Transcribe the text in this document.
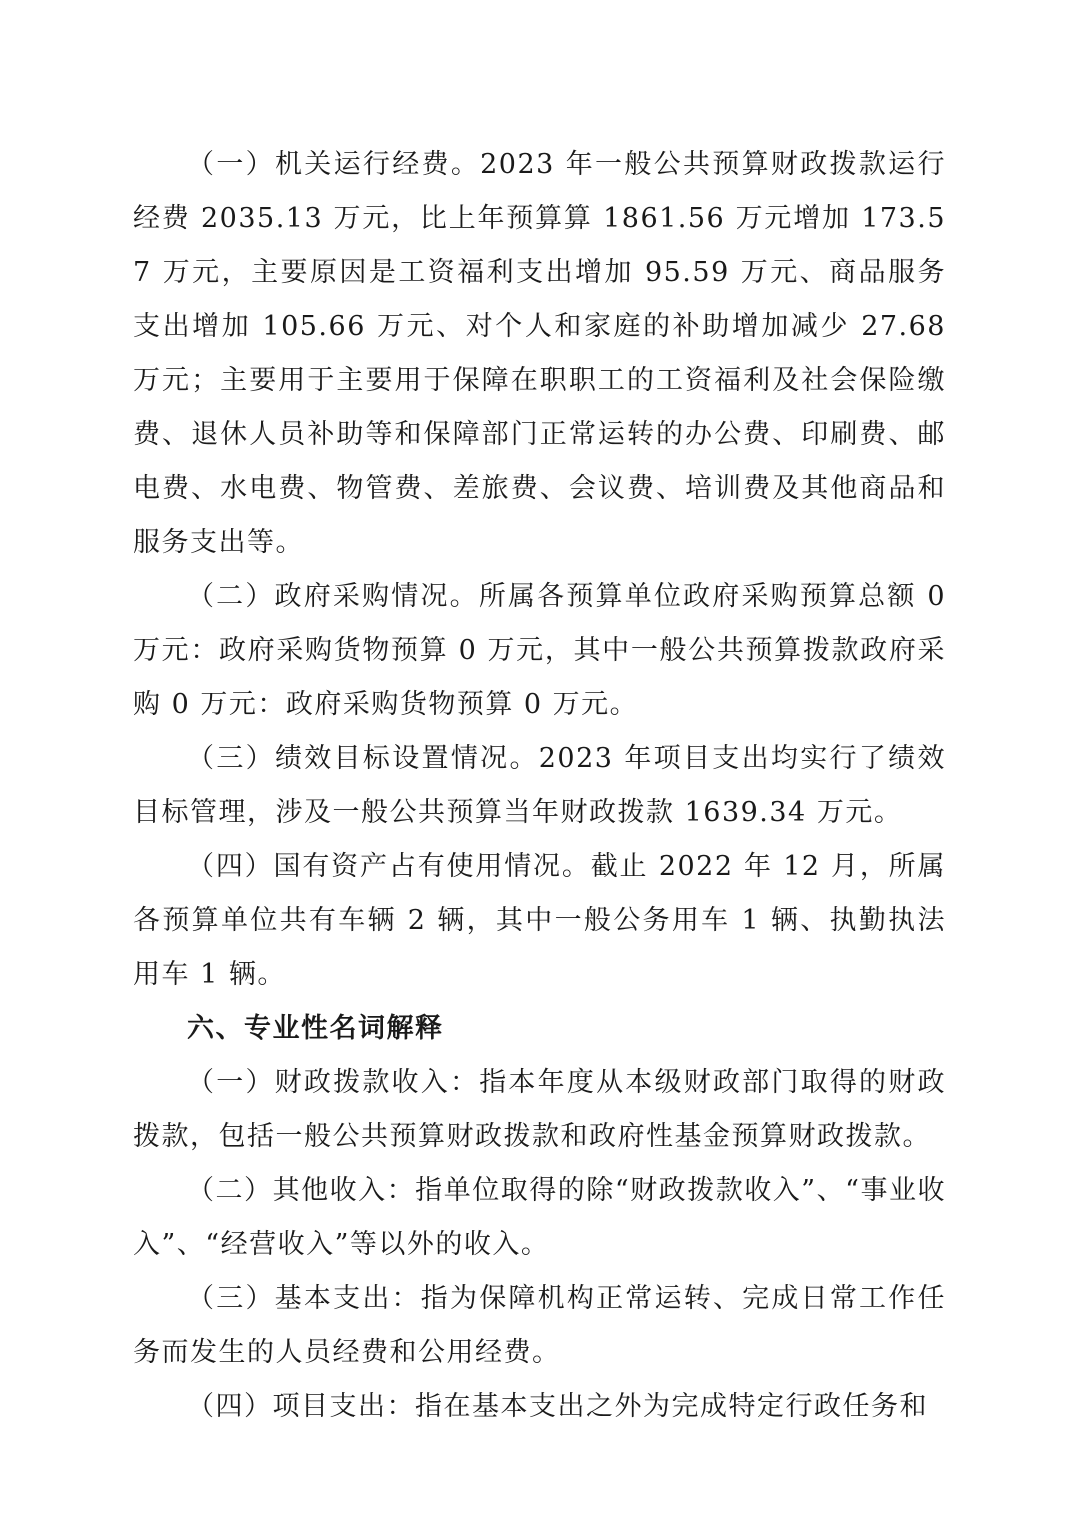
（一）机关运行经费。2023 年一般公共预算财政拨款运行经费 2035.13 万元，比上年预算算 1861.56 万元增加 173.57 万元，主要原因是工资福利支出增加 95.59 万元、商品服务支出增加 105.66 万元、对个人和家庭的补助增加减少 27.68 万元；主要用于主要用于保障在职职工的工资福利及社会保险缴费、退休人员补助等和保障部门正常运转的办公费、印刷费、邮电费、水电费、物管费、差旅费、会议费、培训费及其他商品和服务支出等。

（二）政府采购情况。所属各预算单位政府采购预算总额 0 万元：政府采购货物预算 0 万元，其中一般公共预算拨款政府采购 0 万元：政府采购货物预算 0 万元。

（三）绩效目标设置情况。2023 年项目支出均实行了绩效目标管理，涉及一般公共预算当年财政拨款 1639.34 万元。

（四）国有资产占有使用情况。截止 2022 年 12 月，所属各预算单位共有车辆 2 辆，其中一般公务用车 1 辆、执勤执法用车 1 辆。

六、专业性名词解释

（一）财政拨款收入：指本年度从本级财政部门取得的财政拨款，包括一般公共预算财政拨款和政府性基金预算财政拨款。

（二）其他收入：指单位取得的除“财政拨款收入”、“事业收入”、“经营收入”等以外的收入。

（三）基本支出：指为保障机构正常运转、完成日常工作任务而发生的人员经费和公用经费。

（四）项目支出：指在基本支出之外为完成特定行政任务和
